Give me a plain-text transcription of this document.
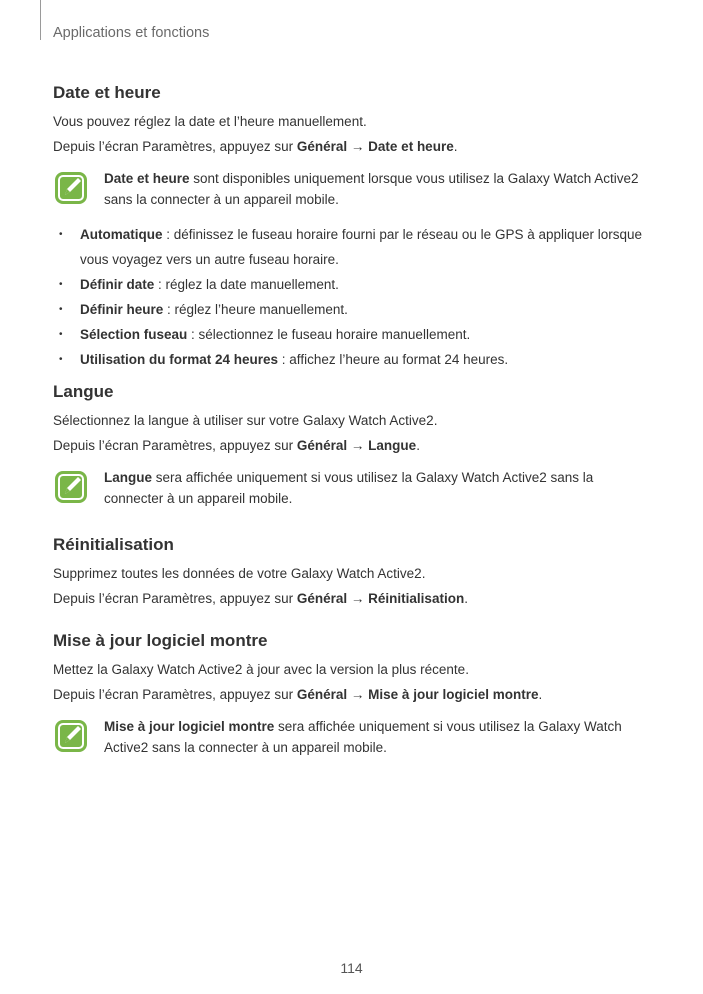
Applications et fonctions
Date et heure

Vous pouvez réglez la date et l’heure manuellement.

Depuis l’écran Paramètres, appuyez sur Général → Date et heure.

Date et heure sont disponibles uniquement lorsque vous utilisez la Galaxy Watch Active2 sans la connecter à un appareil mobile.
• Automatique : définissez le fuseau horaire fourni par le réseau ou le GPS à appliquer lorsque vous voyagez vers un autre fuseau horaire.
• Définir date : réglez la date manuellement.
• Définir heure : réglez l’heure manuellement.
• Sélection fuseau : sélectionnez le fuseau horaire manuellement.
• Utilisation du format 24 heures : affichez l’heure au format 24 heures.
Langue

Sélectionnez la langue à utiliser sur votre Galaxy Watch Active2.

Depuis l’écran Paramètres, appuyez sur Général → Langue.

Langue sera affichée uniquement si vous utilisez la Galaxy Watch Active2 sans la connecter à un appareil mobile.
Réinitialisation

Supprimez toutes les données de votre Galaxy Watch Active2.

Depuis l’écran Paramètres, appuyez sur Général → Réinitialisation.

Mise à jour logiciel montre

Mettez la Galaxy Watch Active2 à jour avec la version la plus récente.

Depuis l’écran Paramètres, appuyez sur Général → Mise à jour logiciel montre.

Mise à jour logiciel montre sera affichée uniquement si vous utilisez la Galaxy Watch Active2 sans la connecter à un appareil mobile.
114
